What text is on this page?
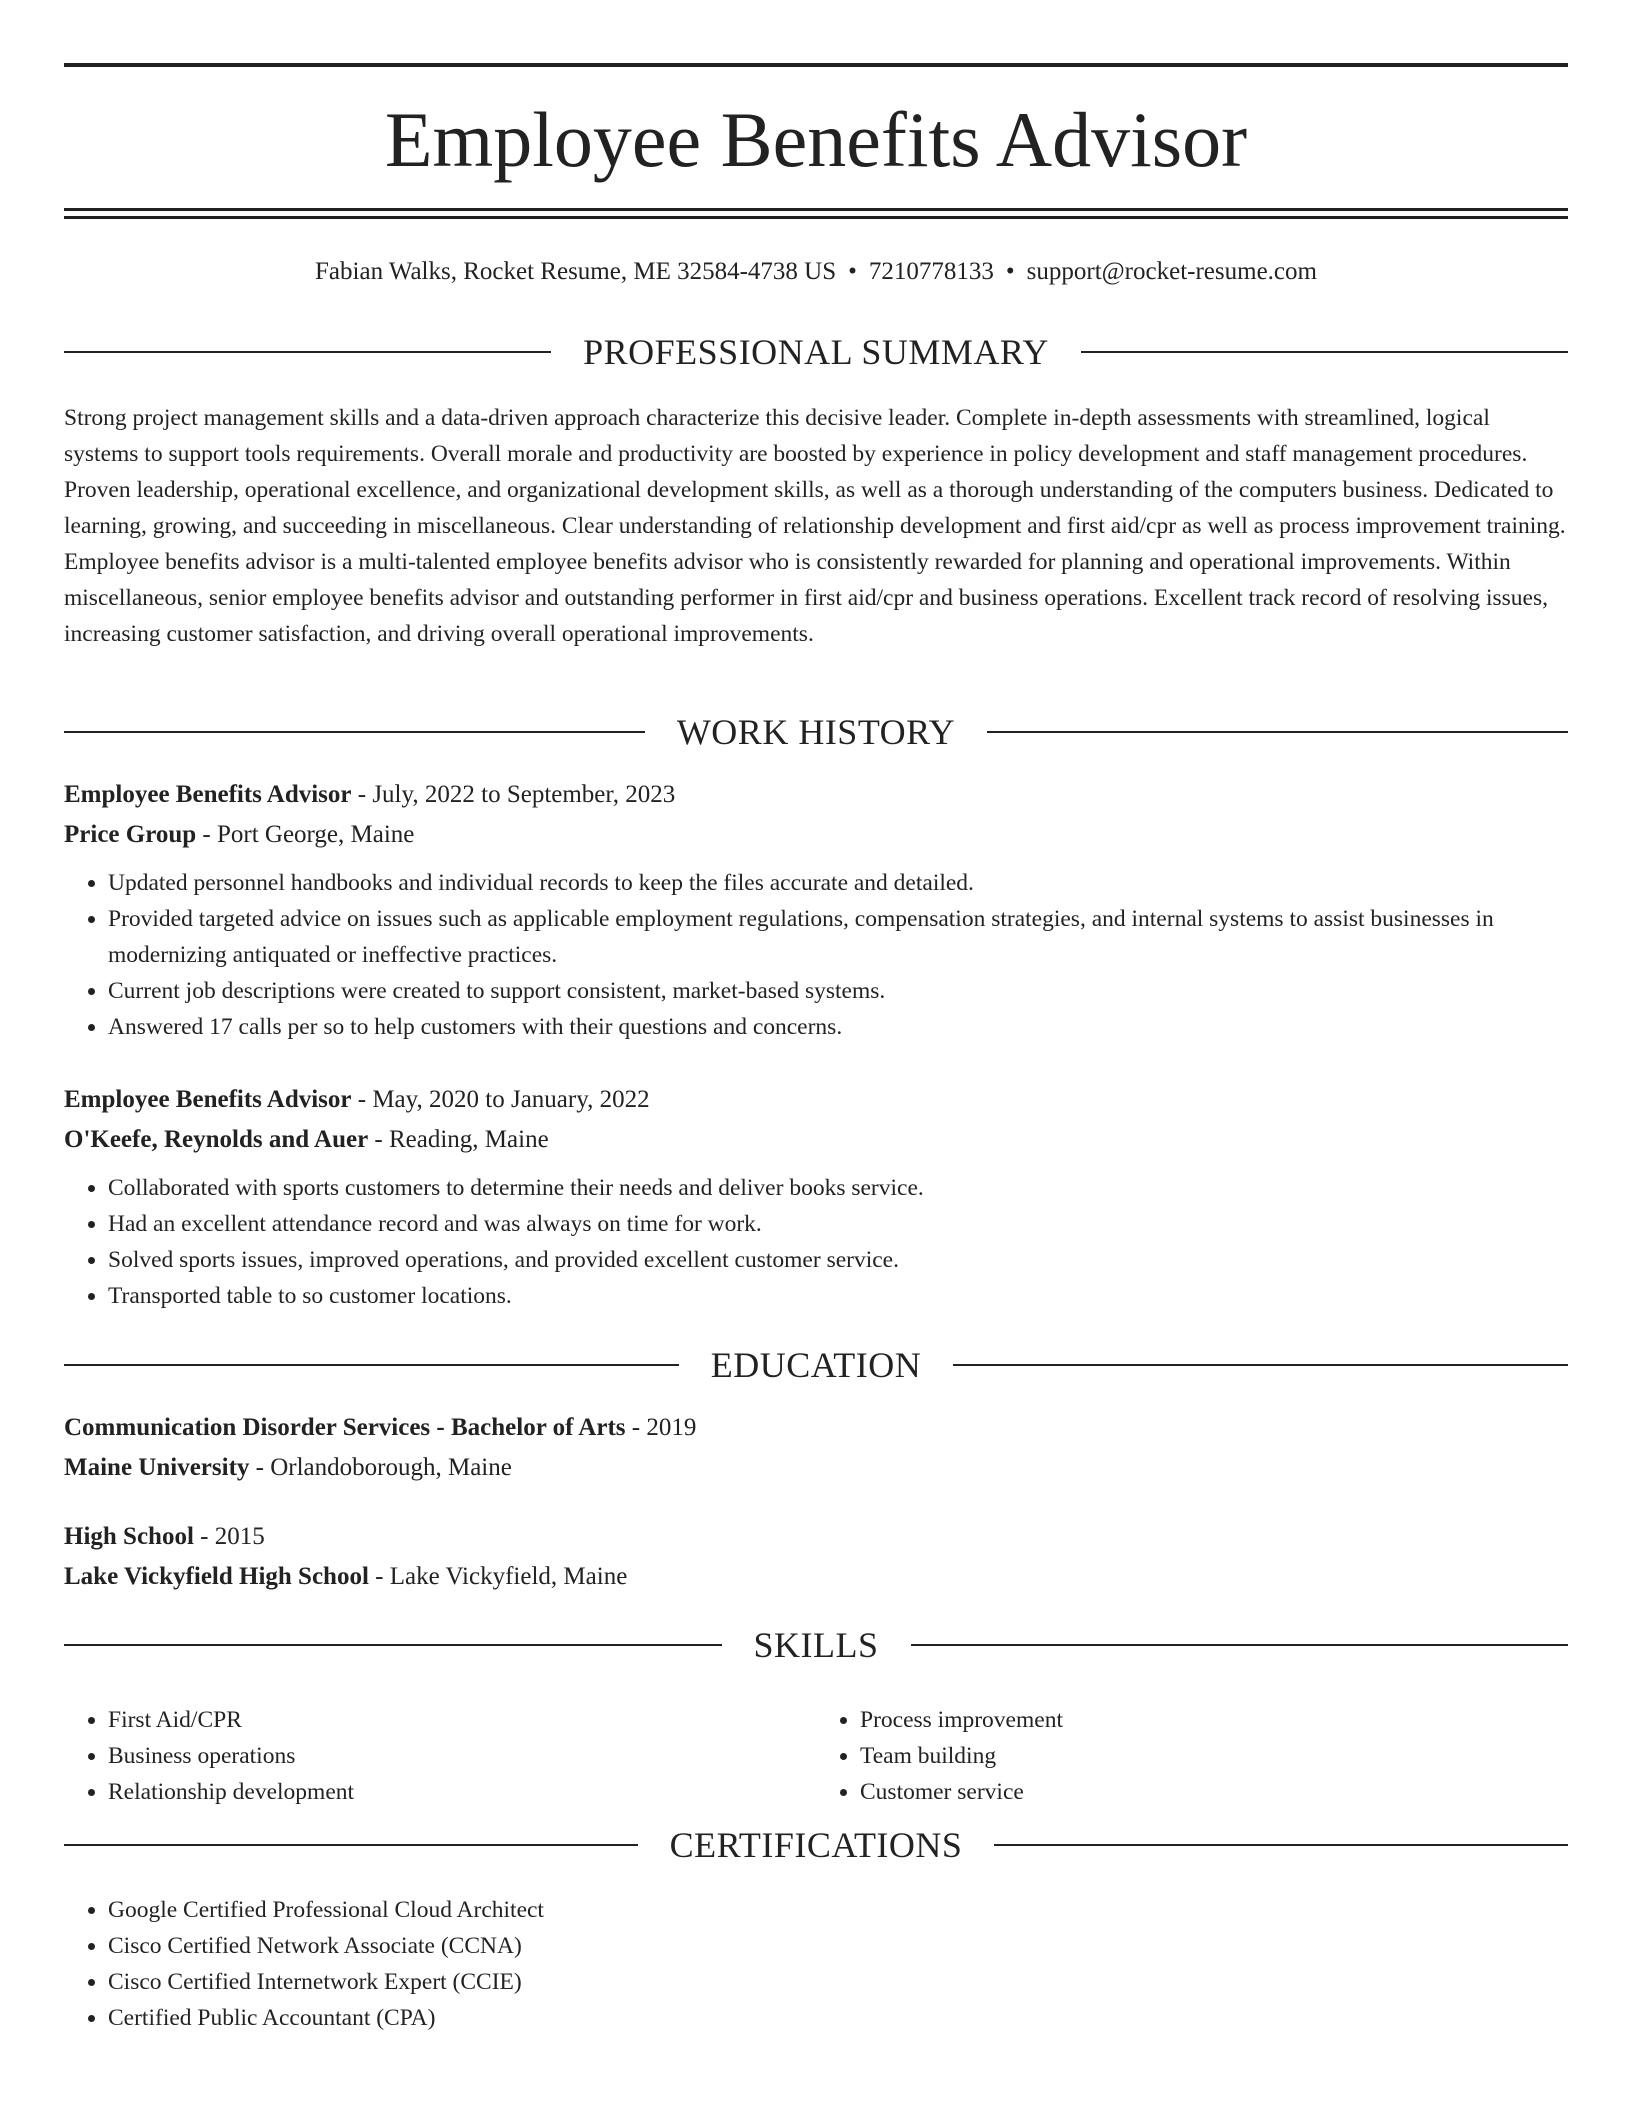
Employee Benefits Advisor
Fabian Walks, Rocket Resume, ME 32584-4738 US • 7210778133 • support@rocket-resume.com
PROFESSIONAL SUMMARY

Strong project management skills and a data-driven approach characterize this decisive leader. Complete in-depth assessments with streamlined, logical systems to support tools requirements. Overall morale and productivity are boosted by experience in policy development and staff management procedures. Proven leadership, operational excellence, and organizational development skills, as well as a thorough understanding of the computers business. Dedicated to learning, growing, and succeeding in miscellaneous. Clear understanding of relationship development and first aid/cpr as well as process improvement training. Employee benefits advisor is a multi-talented employee benefits advisor who is consistently rewarded for planning and operational improvements. Within miscellaneous, senior employee benefits advisor and outstanding performer in first aid/cpr and business operations. Excellent track record of resolving issues, increasing customer satisfaction, and driving overall operational improvements.

WORK HISTORY
Employee Benefits Advisor - July, 2022 to September, 2023
Price Group - Port George, Maine
• Updated personnel handbooks and individual records to keep the files accurate and detailed.
• Provided targeted advice on issues such as applicable employment regulations, compensation strategies, and internal systems to assist businesses in modernizing antiquated or ineffective practices.
• Current job descriptions were created to support consistent, market-based systems.
• Answered 17 calls per so to help customers with their questions and concerns.
Employee Benefits Advisor - May, 2020 to January, 2022
O'Keefe, Reynolds and Auer - Reading, Maine
• Collaborated with sports customers to determine their needs and deliver books service.
• Had an excellent attendance record and was always on time for work.
• Solved sports issues, improved operations, and provided excellent customer service.
• Transported table to so customer locations.
EDUCATION
Communication Disorder Services - Bachelor of Arts - 2019
Maine University - Orlandoborough, Maine
High School - 2015
Lake Vickyfield High School - Lake Vickyfield, Maine
SKILLS
• First Aid/CPR
• Business operations
• Relationship development
• Process improvement
• Team building
• Customer service
CERTIFICATIONS
• Google Certified Professional Cloud Architect
• Cisco Certified Network Associate (CCNA)
• Cisco Certified Internetwork Expert (CCIE)
• Certified Public Accountant (CPA)
